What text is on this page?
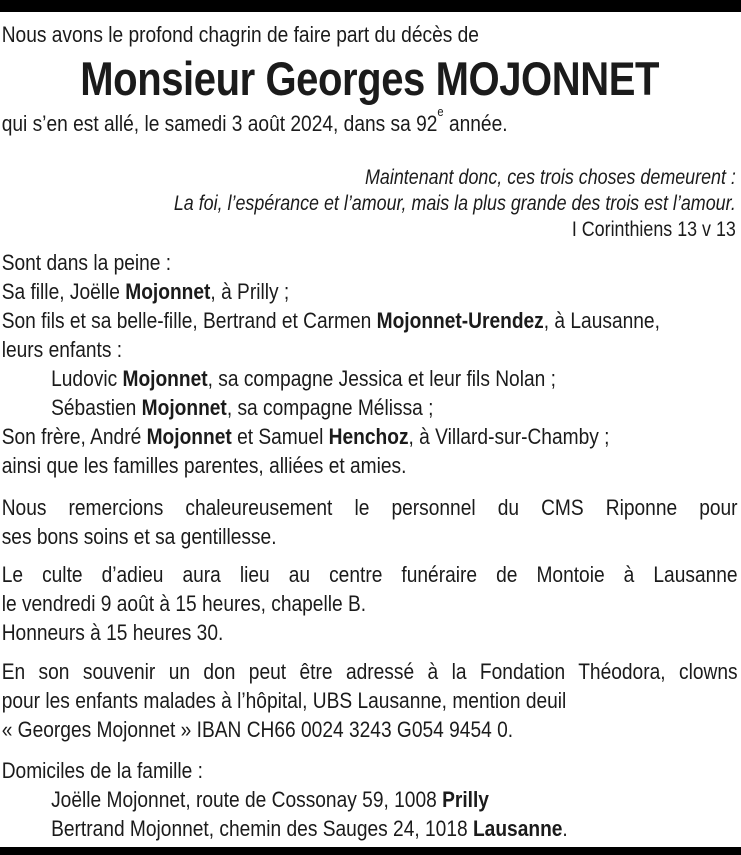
Nous avons le profond chagrin de faire part du décès de
Monsieur Georges MOJONNET
qui s’en est allé, le samedi 3 août 2024, dans sa 92e année.
Maintenant donc, ces trois choses demeurent :
La foi, l’espérance et l’amour, mais la plus grande des trois est l’amour.
I Corinthiens 13 v 13
Sont dans la peine :
Sa fille, Joëlle Mojonnet, à Prilly ;
Son fils et sa belle-fille, Bertrand et Carmen Mojonnet-Urendez, à Lausanne,
leurs enfants :
Ludovic Mojonnet, sa compagne Jessica et leur fils Nolan ;
Sébastien Mojonnet, sa compagne Mélissa ;
Son frère, André Mojonnet et Samuel Henchoz, à Villard-sur-Chamby ;
ainsi que les familles parentes, alliées et amies.
Nous remercions chaleureusement le personnel du CMS Riponne pour
ses bons soins et sa gentillesse.
Le culte d’adieu aura lieu au centre funéraire de Montoie à Lausanne
le vendredi 9 août à 15 heures, chapelle B.
Honneurs à 15 heures 30.
En son souvenir un don peut être adressé à la Fondation Théodora, clowns
pour les enfants malades à l’hôpital, UBS Lausanne, mention deuil
« Georges Mojonnet » IBAN CH66 0024 3243 G054 9454 0.
Domiciles de la famille :
Joëlle Mojonnet, route de Cossonay 59, 1008 Prilly
Bertrand Mojonnet, chemin des Sauges 24, 1018 Lausanne.
